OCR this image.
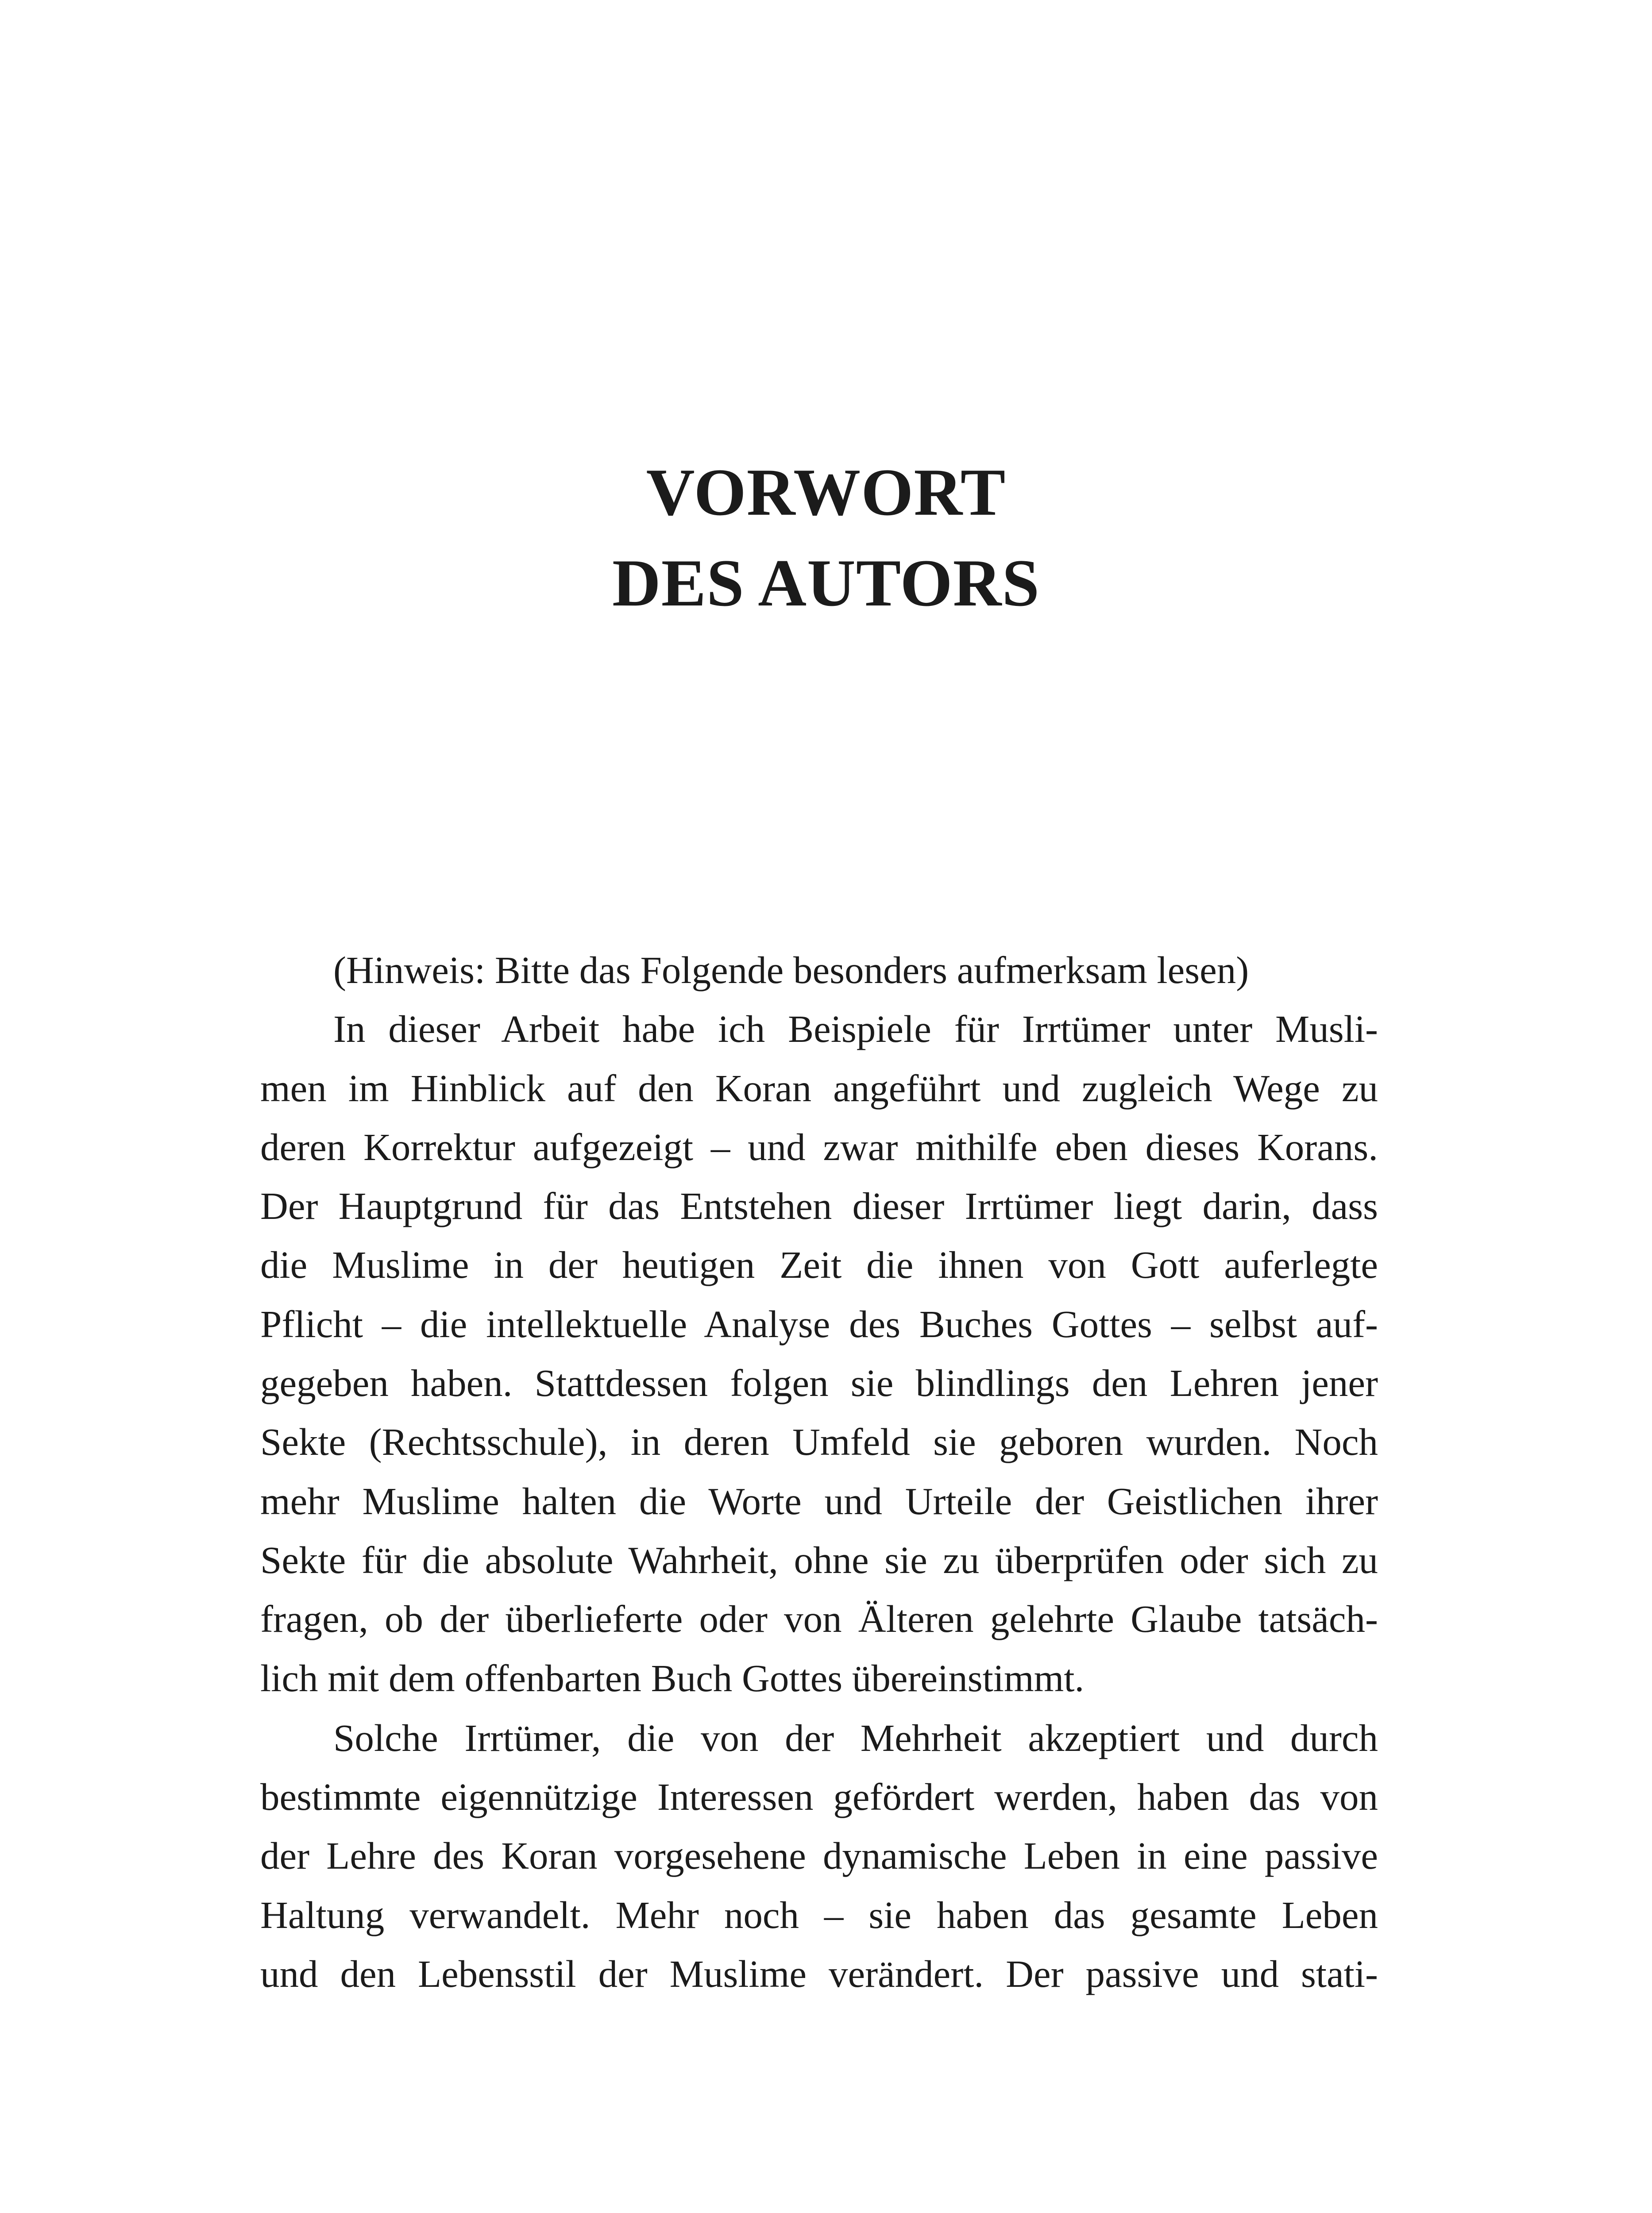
VORWORT
DES AUTORS
(Hinweis: Bitte das Folgende besonders aufmerksam lesen)
In dieser Arbeit habe ich Beispiele für Irrtümer unter Musli-
men im Hinblick auf den Koran angeführt und zugleich Wege zu
deren Korrektur aufgezeigt – und zwar mithilfe eben dieses Korans.
Der Hauptgrund für das Entstehen dieser Irrtümer liegt darin, dass
die Muslime in der heutigen Zeit die ihnen von Gott auferlegte
Pflicht – die intellektuelle Analyse des Buches Gottes – selbst auf-
gegeben haben. Stattdessen folgen sie blindlings den Lehren jener
Sekte (Rechtsschule), in deren Umfeld sie geboren wurden. Noch
mehr Muslime halten die Worte und Urteile der Geistlichen ihrer
Sekte für die absolute Wahrheit, ohne sie zu überprüfen oder sich zu
fragen, ob der überlieferte oder von Älteren gelehrte Glaube tatsäch-
lich mit dem offenbarten Buch Gottes übereinstimmt.
Solche Irrtümer, die von der Mehrheit akzeptiert und durch
bestimmte eigennützige Interessen gefördert werden, haben das von
der Lehre des Koran vorgesehene dynamische Leben in eine passive
Haltung verwandelt. Mehr noch – sie haben das gesamte Leben
und den Lebensstil der Muslime verändert. Der passive und stati-
